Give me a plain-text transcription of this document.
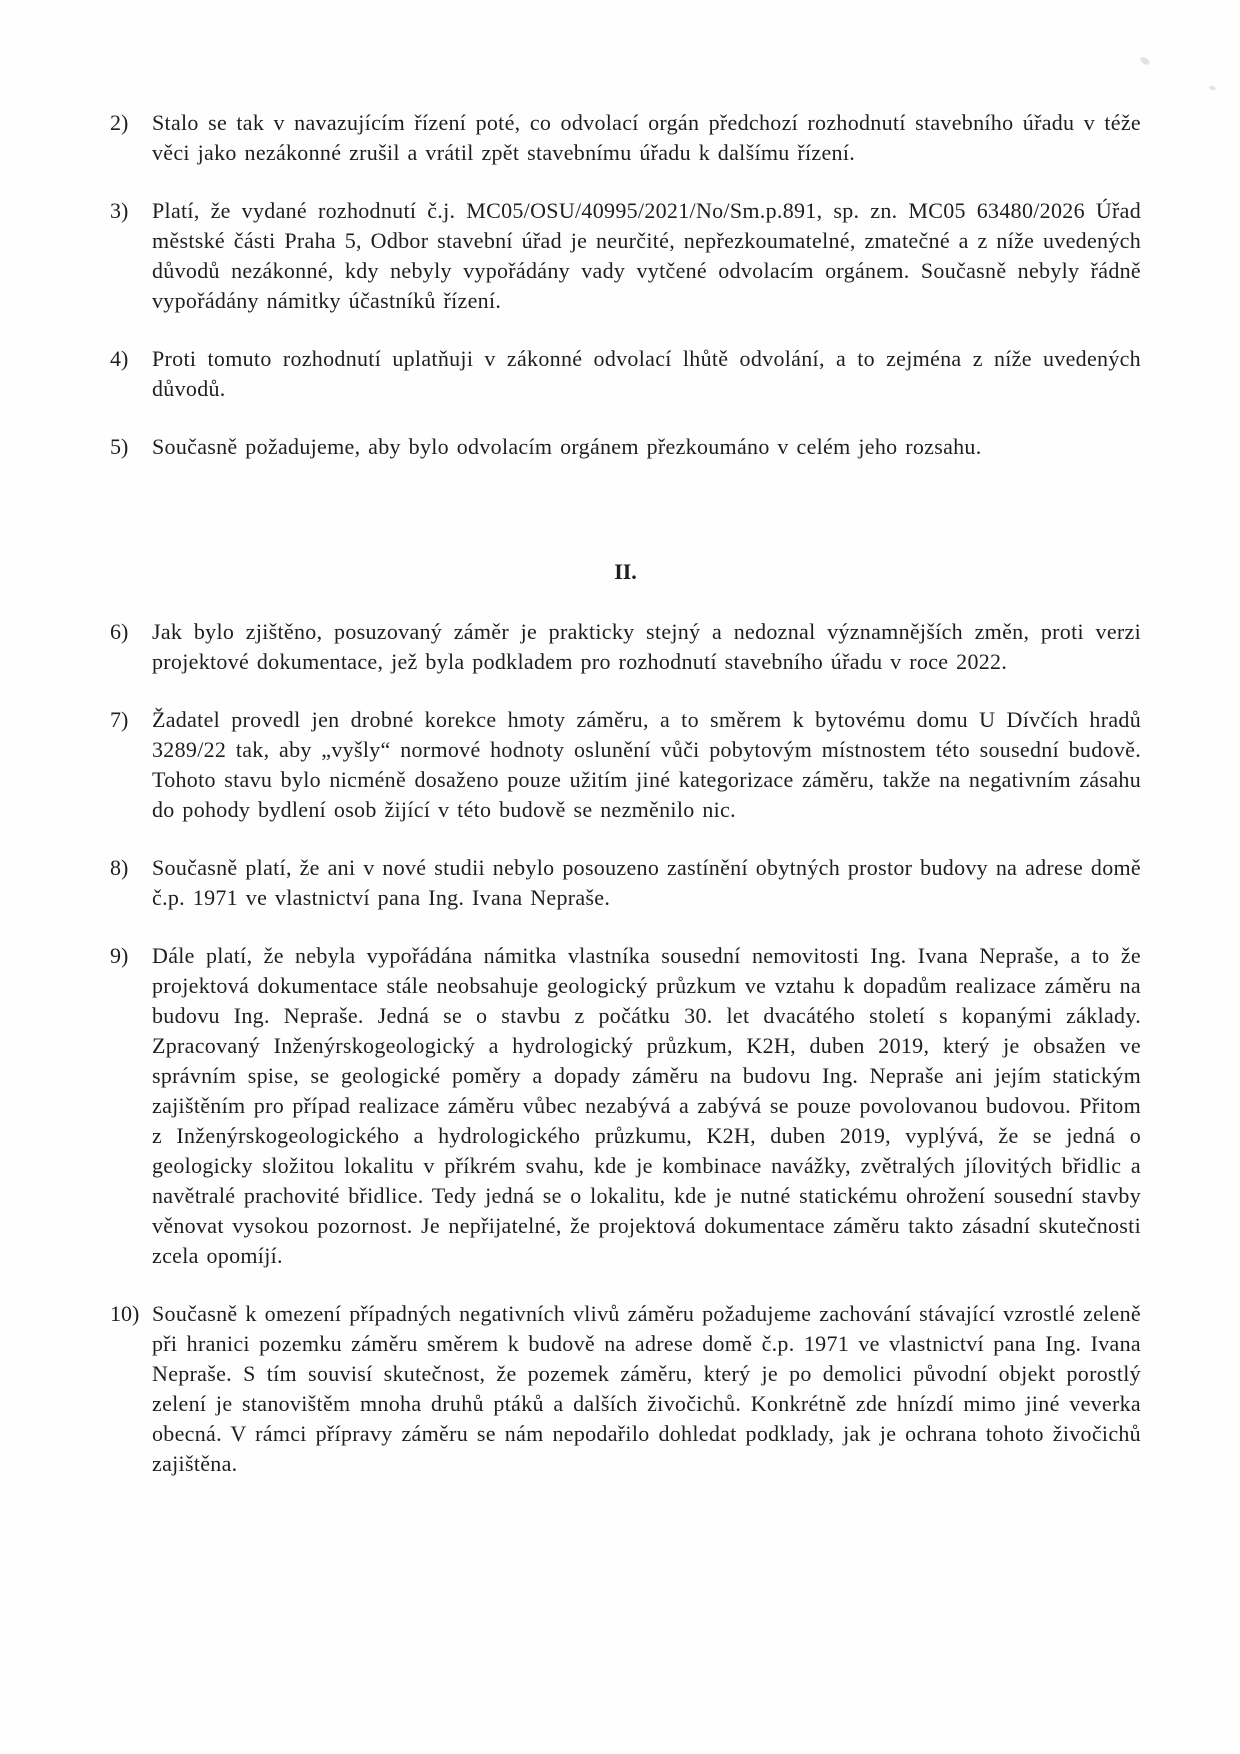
2) Stalo se tak v navazujícím řízení poté, co odvolací orgán předchozí rozhodnutí stavebního úřadu v téže věci jako nezákonné zrušil a vrátil zpět stavebnímu úřadu k dalšímu řízení.
3) Platí, že vydané rozhodnutí č.j. MC05/OSU/40995/2021/No/Sm.p.891, sp. zn. MC05 63480/2026 Úřad městské části Praha 5, Odbor stavební úřad je neurčité, nepřezkoumatelné, zmatečné a z níže uvedených důvodů nezákonné, kdy nebyly vypořádány vady vytčené odvolacím orgánem. Současně nebyly řádně vypořádány námitky účastníků řízení.
4) Proti tomuto rozhodnutí uplatňuji v zákonné odvolací lhůtě odvolání, a to zejména z níže uvedených důvodů.
5) Současně požadujeme, aby bylo odvolacím orgánem přezkoumáno v celém jeho rozsahu.
II.
6) Jak bylo zjištěno, posuzovaný záměr je prakticky stejný a nedoznal významnějších změn, proti verzi projektové dokumentace, jež byla podkladem pro rozhodnutí stavebního úřadu v roce 2022.
7) Žadatel provedl jen drobné korekce hmoty záměru, a to směrem k bytovému domu U Dívčích hradů 3289/22 tak, aby „vyšly“ normové hodnoty oslunění vůči pobytovým místnostem této sousední budově. Tohoto stavu bylo nicméně dosaženo pouze užitím jiné kategorizace záměru, takže na negativním zásahu do pohody bydlení osob žijící v této budově se nezměnilo nic.
8) Současně platí, že ani v nové studii nebylo posouzeno zastínění obytných prostor budovy na adrese domě č.p. 1971 ve vlastnictví pana Ing. Ivana Nepraše.
9) Dále platí, že nebyla vypořádána námitka vlastníka sousední nemovitosti Ing. Ivana Nepraše, a to že projektová dokumentace stále neobsahuje geologický průzkum ve vztahu k dopadům realizace záměru na budovu Ing. Nepraše. Jedná se o stavbu z počátku 30. let dvacátého století s kopanými základy. Zpracovaný Inženýrskogeologický a hydrologický průzkum, K2H, duben 2019, který je obsažen ve správním spise, se geologické poměry a dopady záměru na budovu Ing. Nepraše ani jejím statickým zajištěním pro případ realizace záměru vůbec nezabývá a zabývá se pouze povolovanou budovou. Přitom z Inženýrskogeologického a hydrologického průzkumu, K2H, duben 2019, vyplývá, že se jedná o geologicky složitou lokalitu v příkrém svahu, kde je kombinace navážky, zvětralých jílovitých břidlic a navětralé prachovité břidlice. Tedy jedná se o lokalitu, kde je nutné statickému ohrožení sousední stavby věnovat vysokou pozornost. Je nepřijatelné, že projektová dokumentace záměru takto zásadní skutečnosti zcela opomíjí.
10) Současně k omezení případných negativních vlivů záměru požadujeme zachování stávající vzrostlé zeleně při hranici pozemku záměru směrem k budově na adrese domě č.p. 1971 ve vlastnictví pana Ing. Ivana Nepraše. S tím souvisí skutečnost, že pozemek záměru, který je po demolici původní objekt porostlý zelení je stanovištěm mnoha druhů ptáků a dalších živočichů. Konkrétně zde hnízdí mimo jiné veverka obecná. V rámci přípravy záměru se nám nepodařilo dohledat podklady, jak je ochrana tohoto živočichů zajištěna.
